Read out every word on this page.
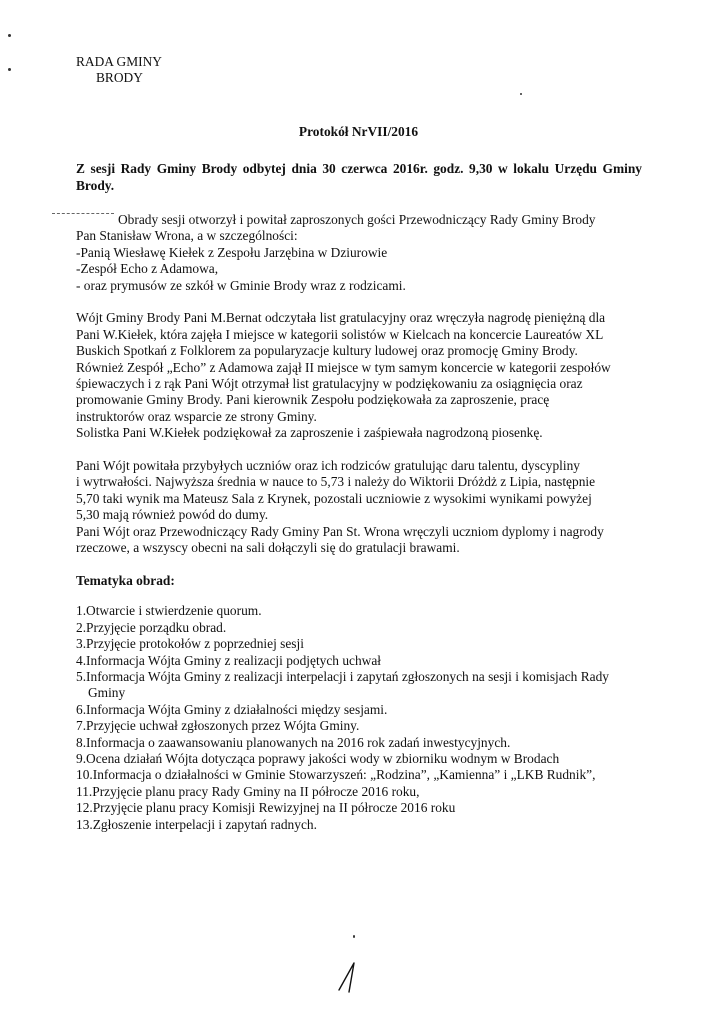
RADA GMINY
BRODY
Protokół NrVII/2016
Z sesji Rady Gminy Brody odbytej dnia 30 czerwca 2016r. godz. 9,30 w lokalu Urzędu Gminy Brody.
Obrady sesji otworzył i powitał zaproszonych gości Przewodniczący Rady Gminy Brody
Pan Stanisław Wrona, a w szczególności:
-Panią Wiesławę Kiełek z Zespołu Jarzębina w Dziurowie
-Zespół Echo z Adamowa,
- oraz prymusów ze szkół w Gminie Brody wraz z rodzicami.
Wójt Gminy Brody Pani M.Bernat odczytała list gratulacyjny oraz wręczyła nagrodę pieniężną dla
Pani W.Kiełek, która zajęła I miejsce w kategorii solistów w Kielcach na koncercie Laureatów XL
Buskich Spotkań z Folklorem za popularyzacje kultury ludowej oraz promocję Gminy Brody.
Również Zespół „Echo” z Adamowa zajął II miejsce w tym samym koncercie w kategorii zespołów
śpiewaczych i z rąk Pani Wójt otrzymał list gratulacyjny w podziękowaniu za osiągnięcia oraz
promowanie Gminy Brody. Pani kierownik Zespołu podziękowała za zaproszenie, pracę
instruktorów oraz wsparcie ze strony Gminy.
Solistka Pani W.Kiełek podziękował za zaproszenie i zaśpiewała nagrodzoną piosenkę.
Pani Wójt powitała przybyłych uczniów oraz ich rodziców gratulując daru talentu, dyscypliny
i wytrwałości. Najwyższa średnia w nauce to 5,73 i należy do Wiktorii Dróżdż z Lipia, następnie
5,70 taki wynik ma Mateusz Sala z Krynek, pozostali uczniowie z wysokimi wynikami powyżej
5,30 mają również powód do dumy.
Pani Wójt oraz Przewodniczący Rady Gminy Pan St. Wrona wręczyli uczniom dyplomy i nagrody
rzeczowe, a wszyscy obecni na sali dołączyli się do gratulacji brawami.
Tematyka obrad:
1.Otwarcie i stwierdzenie quorum.
2.Przyjęcie porządku obrad.
3.Przyjęcie protokołów z poprzedniej sesji
4.Informacja Wójta Gminy z realizacji podjętych uchwał
5.Informacja Wójta Gminy z realizacji interpelacji i zapytań zgłoszonych na sesji i komisjach Rady
Gminy
6.Informacja Wójta Gminy z działalności między sesjami.
7.Przyjęcie uchwał zgłoszonych przez Wójta Gminy.
8.Informacja o zaawansowaniu planowanych na 2016 rok zadań inwestycyjnych.
9.Ocena działań Wójta dotycząca poprawy jakości wody w zbiorniku wodnym w Brodach
10.Informacja o działalności w Gminie Stowarzyszeń: „Rodzina”, „Kamienna” i „LKB Rudnik”,
11.Przyjęcie planu pracy Rady Gminy na II półrocze 2016 roku,
12.Przyjęcie planu pracy Komisji Rewizyjnej na II półrocze 2016 roku
13.Zgłoszenie interpelacji i zapytań radnych.
